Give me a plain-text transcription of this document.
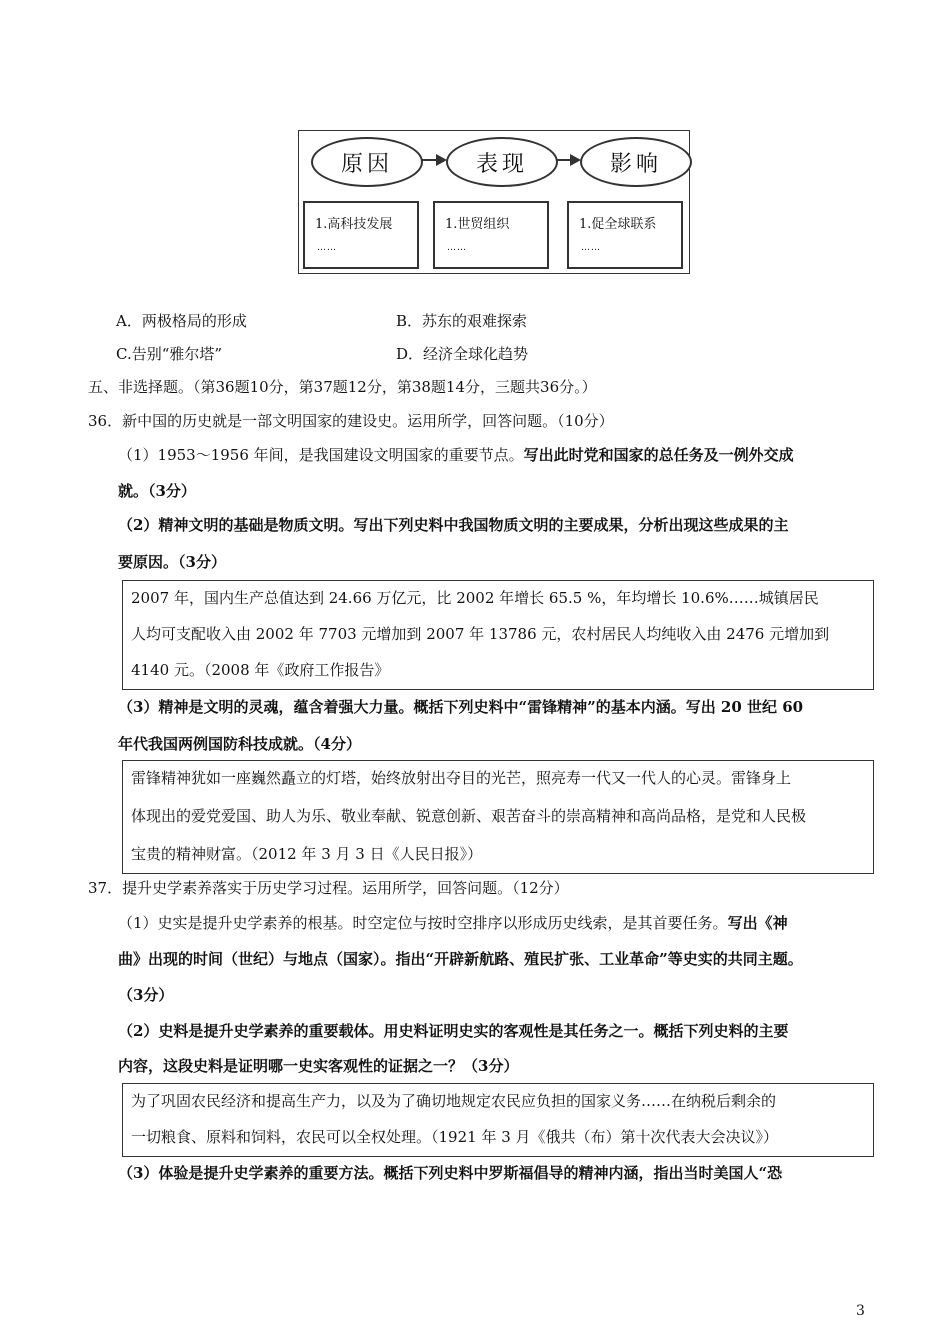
原因	表现	影响
1.高科技发展
……
1.世贸组织
……
1.促全球联系
……
A．两极格局的形成	B．苏东的艰难探索
C.告别“雅尔塔”	D．经济全球化趋势
五、非选择题。（第36题10分，第37题12分，第38题14分，三题共36分。）
36．新中国的历史就是一部文明国家的建设史。运用所学，回答问题。（10分）
（1）1953～1956 年间，是我国建设文明国家的重要节点。写出此时党和国家的总任务及一例外交成
就。（3分）
（2）精神文明的基础是物质文明。写出下列史料中我国物质文明的主要成果，分析出现这些成果的主
要原因。（3分）
2007 年，国内生产总值达到 24.66 万亿元，比 2002 年增长 65.5 %，年均增长 10.6%……城镇居民
人均可支配收入由 2002 年 7703 元增加到 2007 年 13786 元，农村居民人均纯收入由 2476 元增加到
4140 元。（2008 年《政府工作报告》
（3）精神是文明的灵魂，蕴含着强大力量。概括下列史料中“雷锋精神”的基本内涵。写出 20 世纪 60
年代我国两例国防科技成就。（4分）
雷锋精神犹如一座巍然矗立的灯塔，始终放射出夺目的光芒，照亮寿一代又一代人的心灵。雷锋身上
体现出的爱党爱国、助人为乐、敬业奉献、锐意创新、艰苦奋斗的崇高精神和高尚品格，是党和人民极
宝贵的精神财富。（2012 年 3 月 3 日《人民日报》）
37．提升史学素养落实于历史学习过程。运用所学，回答问题。（12分）
（1）史实是提升史学素养的根基。时空定位与按时空排序以形成历史线索，是其首要任务。写出《神
曲》出现的时间（世纪）与地点（国家）。指出“开辟新航路、殖民扩张、工业革命”等史实的共同主题。
（3分）
（2）史料是提升史学素养的重要载体。用史料证明史实的客观性是其任务之一。概括下列史料的主要
内容，这段史料是证明哪一史实客观性的证据之一？（3分）
为了巩固农民经济和提高生产力，以及为了确切地规定农民应负担的国家义务……在纳税后剩余的
一切粮食、原料和饲料，农民可以全权处理。（1921 年 3 月《俄共（布）第十次代表大会决议》）
（3）体验是提升史学素养的重要方法。概括下列史料中罗斯福倡导的精神内涵，指出当时美国人“恐
3
